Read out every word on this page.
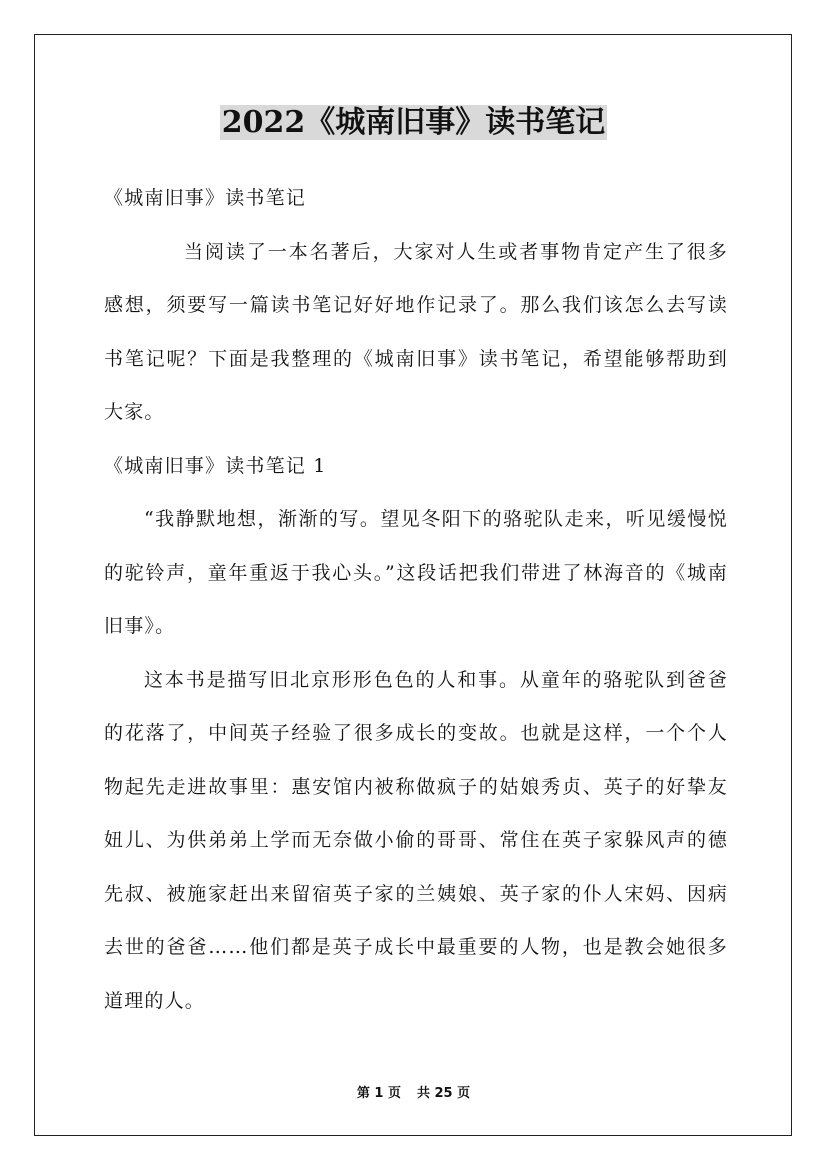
2022《城南旧事》读书笔记

《城南旧事》读书笔记

当阅读了一本名著后，大家对人生或者事物肯定产生了很多感想，须要写一篇读书笔记好好地作记录了。那么我们该怎么去写读书笔记呢？下面是我整理的《城南旧事》读书笔记，希望能够帮助到大家。

《城南旧事》读书笔记 1

“我静默地想，渐渐的写。望见冬阳下的骆驼队走来，听见缓慢悦的驼铃声，童年重返于我心头。”这段话把我们带进了林海音的《城南旧事》。

这本书是描写旧北京形形色色的人和事。从童年的骆驼队到爸爸的花落了，中间英子经验了很多成长的变故。也就是这样，一个个人物起先走进故事里：惠安馆内被称做疯子的姑娘秀贞、英子的好挚友妞儿、为供弟弟上学而无奈做小偷的哥哥、常住在英子家躲风声的德先叔、被施家赶出来留宿英子家的兰姨娘、英子家的仆人宋妈、因病去世的爸爸……他们都是英子成长中最重要的人物，也是教会她很多道理的人。

第 1 页 共 25 页
